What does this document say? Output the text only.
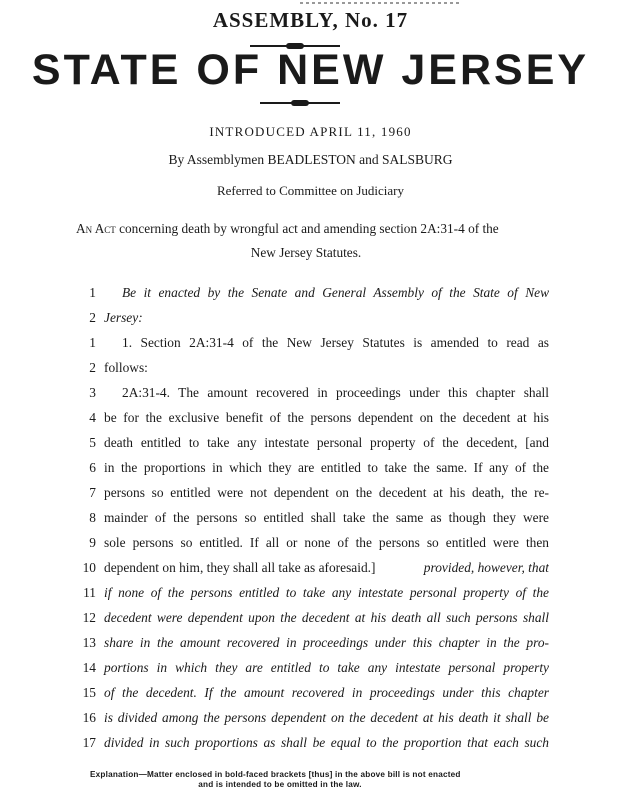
ASSEMBLY, No. 17
STATE OF NEW JERSEY
INTRODUCED APRIL 11, 1960
By Assemblymen BEADLESTON and SALSBURG
Referred to Committee on Judiciary
An Act concerning death by wrongful act and amending section 2A:31-4 of the
New Jersey Statutes.
1 Be it enacted by the Senate and General Assembly of the State of New
2 Jersey:
1 1. Section 2A:31-4 of the New Jersey Statutes is amended to read as
2 follows:
3 2A:31-4. The amount recovered in proceedings under this chapter shall
4 be for the exclusive benefit of the persons dependent on the decedent at his
5 death entitled to take any intestate personal property of the decedent, [and
6 in the proportions in which they are entitled to take the same. If any of the
7 persons so entitled were not dependent on the decedent at his death, the re-
8 mainder of the persons so entitled shall take the same as though they were
9 sole persons so entitled. If all or none of the persons so entitled were then
10 dependent on him, they shall all take as aforesaid.]	provided, however, that
11 if none of the persons entitled to take any intestate personal property of the
12 decedent were dependent upon the decedent at his death all such persons shall
13 share in the amount recovered in proceedings under this chapter in the pro-
14 portions in which they are entitled to take any intestate personal property
15 of the decedent. If the amount recovered in proceedings under this chapter
16 is divided among the persons dependent on the decedent at his death it shall be
17 divided in such proportions as shall be equal to the proportion that each such
Explanation—Matter enclosed in bold-faced brackets [thus] in the above bill is not enacted
and is intended to be omitted in the law.
